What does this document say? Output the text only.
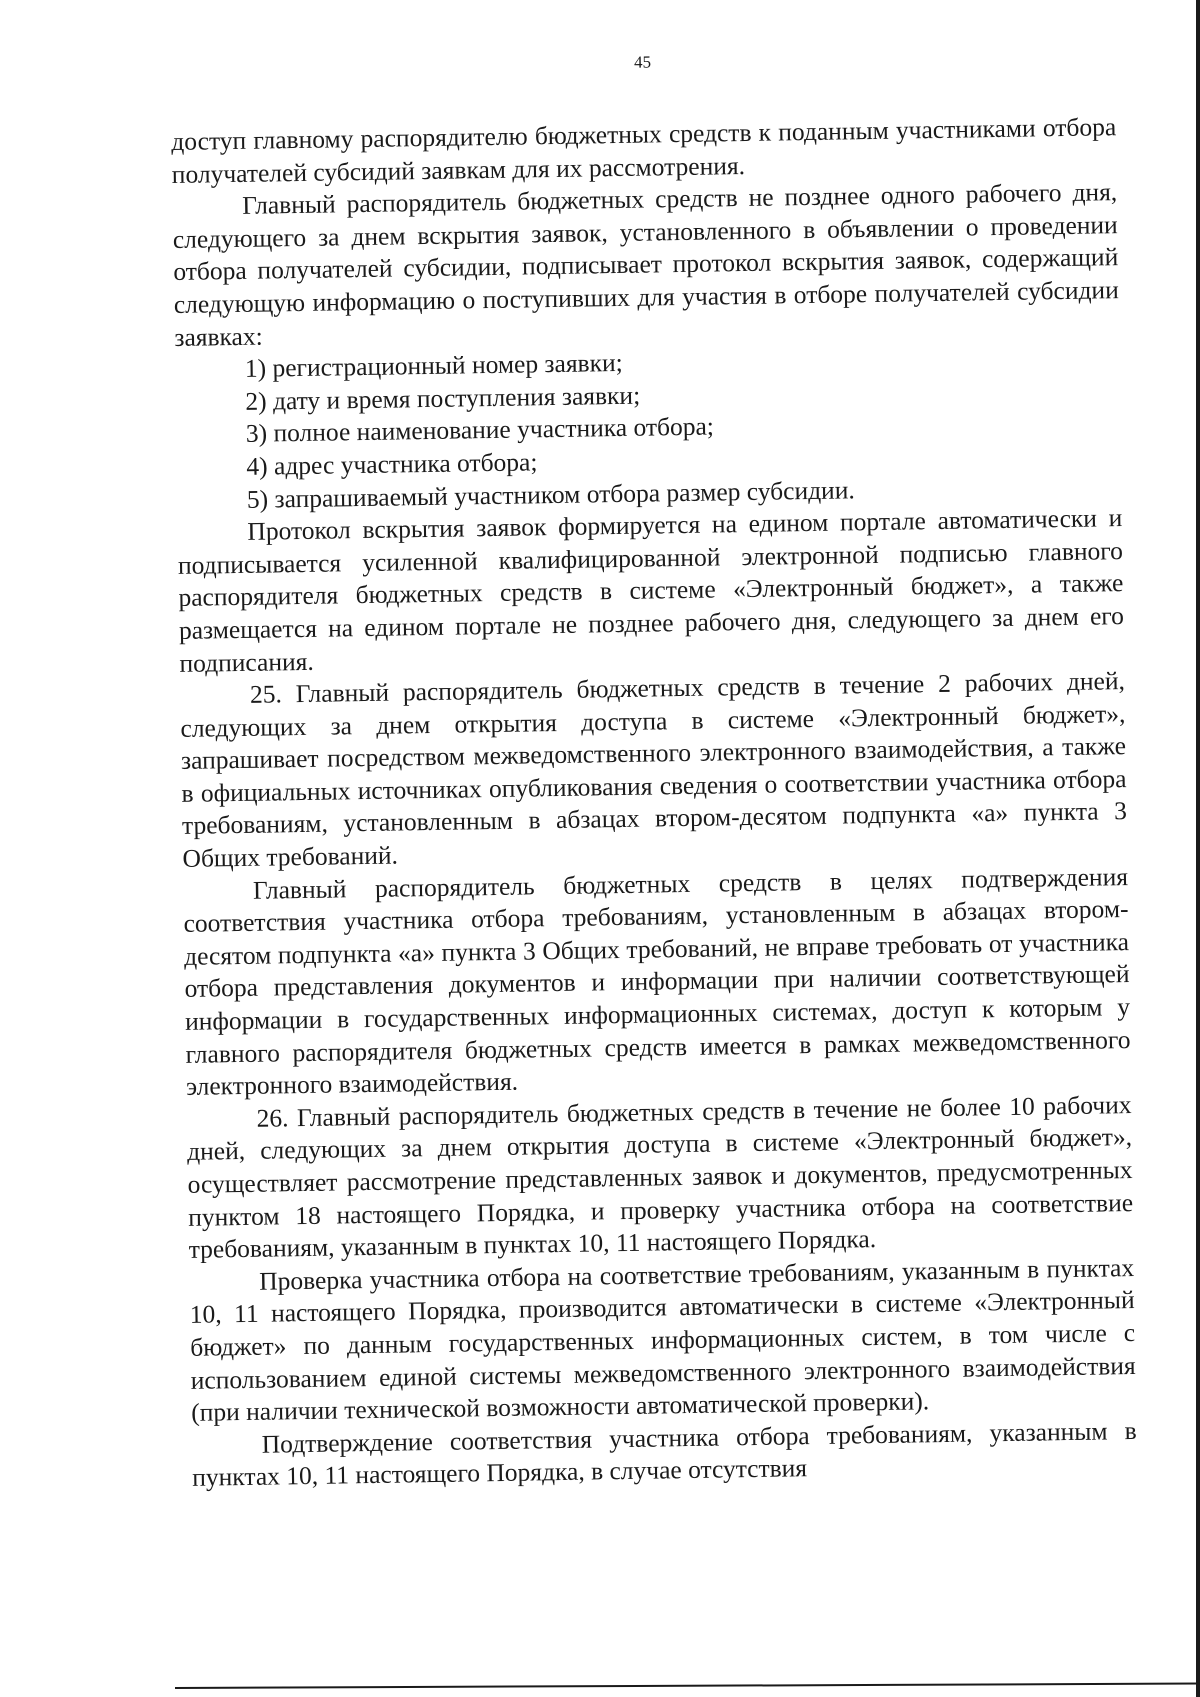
45

доступ главному распорядителю бюджетных средств к поданным участниками отбора получателей субсидий заявкам для их рассмотрения.

Главный распорядитель бюджетных средств не позднее одного рабочего дня, следующего за днем вскрытия заявок, установленного в объявлении о проведении отбора получателей субсидии, подписывает протокол вскрытия заявок, содержащий следующую информацию о поступивших для участия в отборе получателей субсидии заявках:

1) регистрационный номер заявки;

2) дату и время поступления заявки;

3) полное наименование участника отбора;

4) адрес участника отбора;

5) запрашиваемый участником отбора размер субсидии.

Протокол вскрытия заявок формируется на едином портале автоматически и подписывается усиленной квалифицированной электронной подписью главного распорядителя бюджетных средств в системе «Электронный бюджет», а также размещается на едином портале не позднее рабочего дня, следующего за днем его подписания.

25. Главный распорядитель бюджетных средств в течение 2 рабочих дней, следующих за днем открытия доступа в системе «Электронный бюджет», запрашивает посредством межведомственного электронного взаимодействия, а также в официальных источниках опубликования сведения о соответствии участника отбора требованиям, установленным в абзацах втором-десятом подпункта «а» пункта 3 Общих требований.

Главный распорядитель бюджетных средств в целях подтверждения соответствия участника отбора требованиям, установленным в абзацах втором-десятом подпункта «а» пункта 3 Общих требований, не вправе требовать от участника отбора представления документов и информации при наличии соответствующей информации в государственных информационных системах, доступ к которым у главного распорядителя бюджетных средств имеется в рамках межведомственного электронного взаимодействия.

26. Главный распорядитель бюджетных средств в течение не более 10 рабочих дней, следующих за днем открытия доступа в системе «Электронный бюджет», осуществляет рассмотрение представленных заявок и документов, предусмотренных пунктом 18 настоящего Порядка, и проверку участника отбора на соответствие требованиям, указанным в пунктах 10, 11 настоящего Порядка.

Проверка участника отбора на соответствие требованиям, указанным в пунктах 10, 11 настоящего Порядка, производится автоматически в системе «Электронный бюджет» по данным государственных информационных систем, в том числе с использованием единой системы межведомственного электронного взаимодействия (при наличии технической возможности автоматической проверки).

Подтверждение соответствия участника отбора требованиям, указанным в пунктах 10, 11 настоящего Порядка, в случае отсутствия
